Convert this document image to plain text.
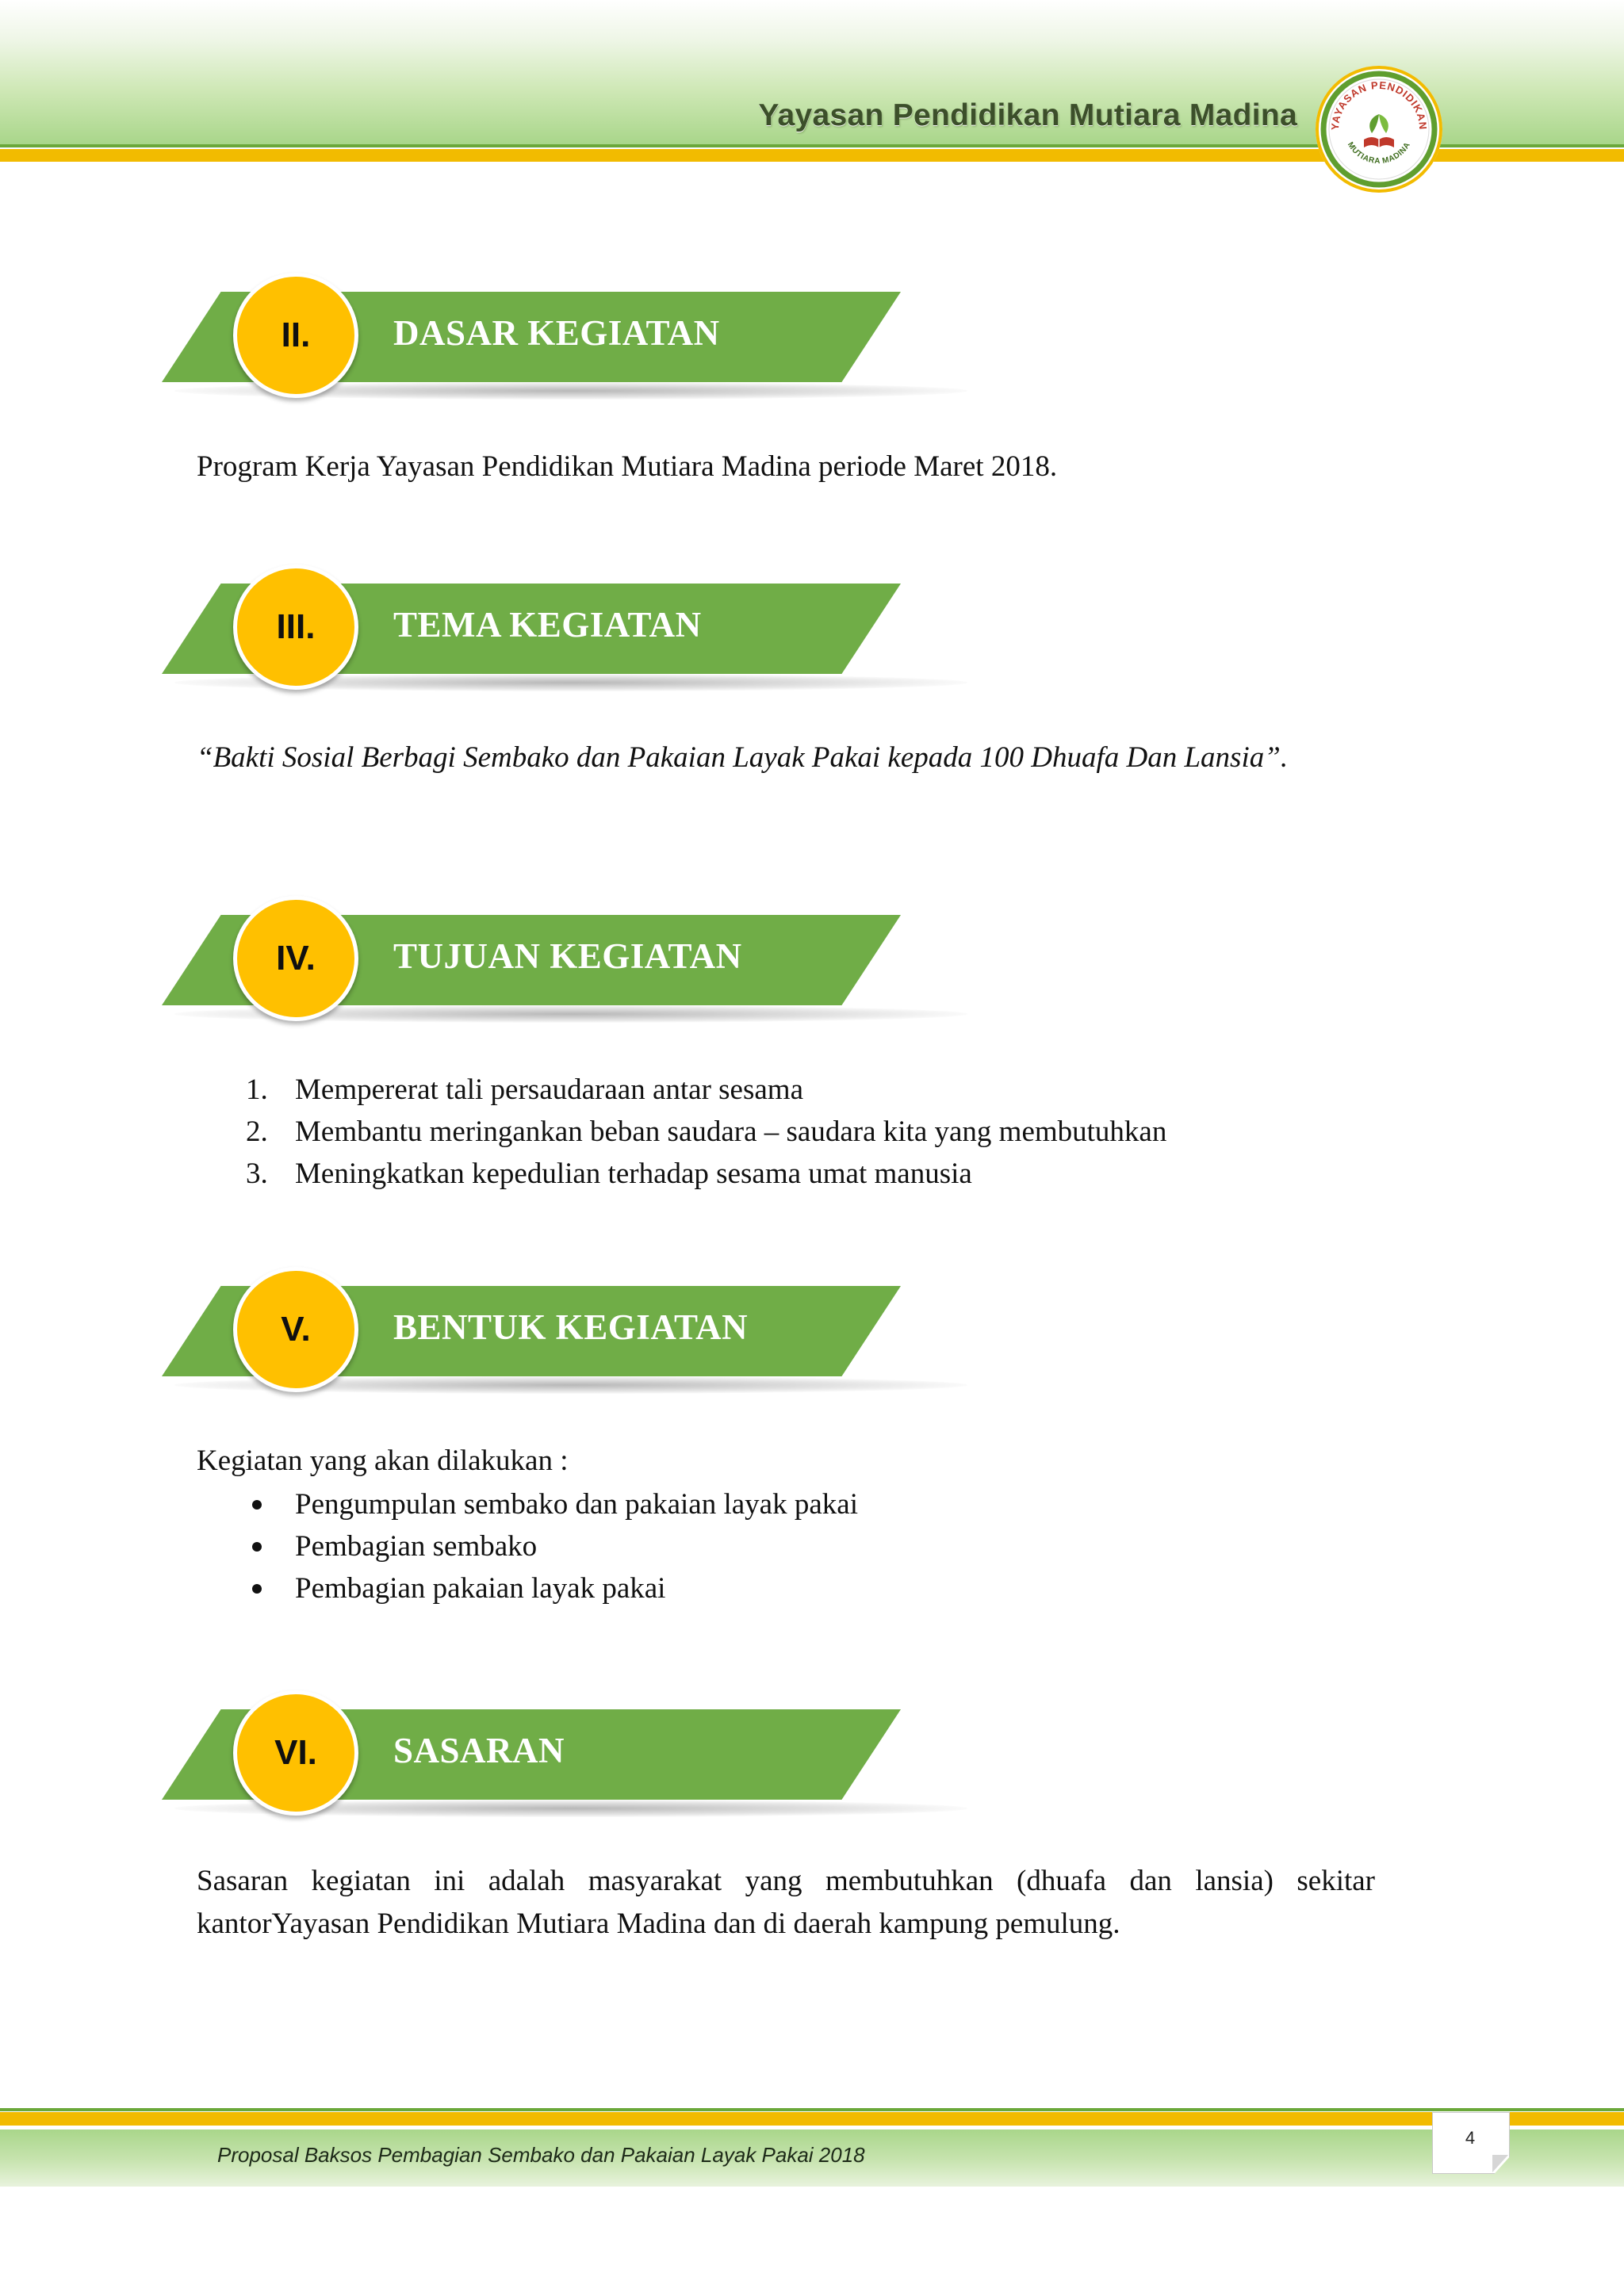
Yayasan Pendidikan Mutiara Madina	YAYASAN PENDIDIKAN
MUTIARA MADINA
II.	DASAR KEGIATAN
Program Kerja Yayasan Pendidikan Mutiara Madina periode Maret 2018.
III.	TEMA KEGIATAN
“Bakti Sosial Berbagi Sembako dan Pakaian Layak Pakai kepada 100 Dhuafa Dan Lansia”.
IV.	TUJUAN KEGIATAN
1. Mempererat tali persaudaraan antar sesama
2. Membantu meringankan beban saudara – saudara kita yang membutuhkan
3. Meningkatkan kepedulian terhadap sesama umat manusia
V.	BENTUK KEGIATAN
Kegiatan yang akan dilakukan :
Pengumpulan sembako dan pakaian layak pakai
Pembagian sembako
Pembagian pakaian layak pakai
VI.	SASARAN
Sasaran kegiatan ini adalah masyarakat yang membutuhkan (dhuafa dan lansia) sekitar kantorYayasan Pendidikan Mutiara Madina dan di daerah kampung pemulung.
Proposal Baksos Pembagian Sembako dan Pakaian Layak Pakai 2018
4
